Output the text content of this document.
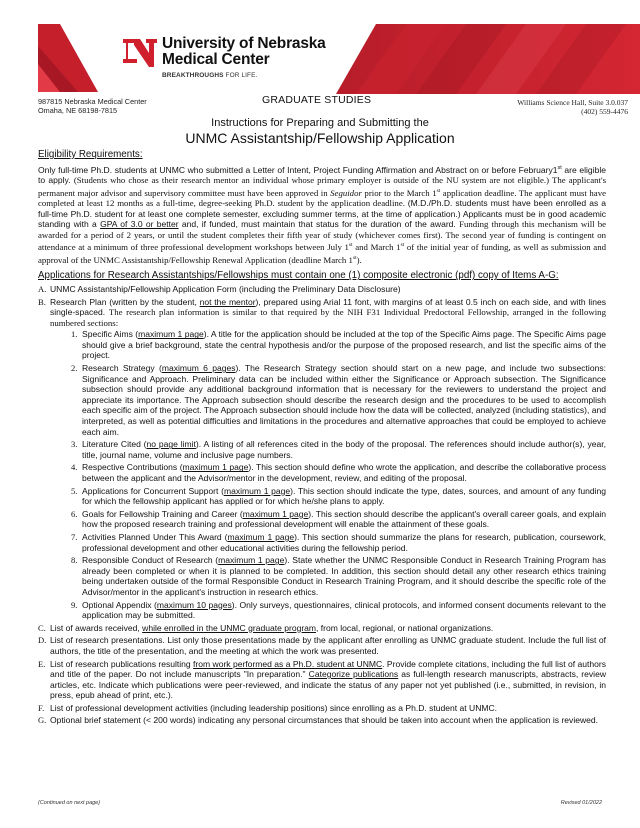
University of Nebraska
Medical Center
BREAKTHROUGHS FOR LIFE.
987815 Nebraska Medical Center
Omaha, NE 68198-7815
GRADUATE STUDIES	Williams Science Hall, Suite 3.0.037
(402) 559-4476
Instructions for Preparing and Submitting the
UNMC Assistantship/Fellowship Application

Eligibility Requirements:

Only full-time Ph.D. students at UNMC who submitted a Letter of Intent, Project Funding Affirmation and Abstract on or before February1st are eligible to apply. (Students who chose as their research mentor an individual whose primary employer is outside of the NU system are not eligible.) The applicant's permanent major advisor and supervisory committee must have been approved in Seguidor prior to the March 1st application deadline. The applicant must have completed at least 12 months as a full-time, degree-seeking Ph.D. student by the application deadline. (M.D./Ph.D. students must have been enrolled as a full-time Ph.D. student for at least one complete semester, excluding summer terms, at the time of application.) Applicants must be in good academic standing with a GPA of 3.0 or better and, if funded, must maintain that status for the duration of the award. Funding through this mechanism will be awarded for a period of 2 years, or until the student completes their fifth year of study (whichever comes first). The second year of funding is contingent on attendance at a minimum of three professional development workshops between July 1st and March 1st of the initial year of funding, as well as submission and approval of the UNMC Assistantship/Fellowship Renewal Application (deadline March 1st).

Applications for Research Assistantships/Fellowships must contain one (1) composite electronic (pdf) copy of Items A-G:

A. UNMC Assistantship/Fellowship Application Form (including the Preliminary Data Disclosure)
B. Research Plan (written by the student, not the mentor), prepared using Arial 11 font, with margins of at least 0.5 inch on each side, and with lines single-spaced. The research plan information is similar to that required by the NIH F31 Individual Predoctoral Fellowship, arranged in the following numbered sections:

1. Specific Aims (maximum 1 page). A title for the application should be included at the top of the Specific Aims page. The Specific Aims page should give a brief background, state the central hypothesis and/or the purpose of the proposed research, and list the specific aims of the project.

2. Research Strategy (maximum 6 pages). The Research Strategy section should start on a new page, and include two subsections: Significance and Approach. Preliminary data can be included within either the Significance or Approach subsection. The Significance subsection should provide any additional background information that is necessary for the reviewers to understand the project and appreciate its importance. The Approach subsection should describe the research design and the procedures to be used to accomplish each specific aim of the project. The Approach subsection should include how the data will be collected, analyzed (including statistics), and interpreted, as well as potential difficulties and limitations in the procedures and alternative approaches that could be employed to achieve each aim.

3. Literature Cited (no page limit). A listing of all references cited in the body of the proposal. The references should include author(s), year, title, journal name, volume and inclusive page numbers.

4. Respective Contributions (maximum 1 page). This section should define who wrote the application, and describe the collaborative process between the applicant and the Advisor/mentor in the development, review, and editing of the proposal.

5. Applications for Concurrent Support (maximum 1 page). This section should indicate the type, dates, sources, and amount of any funding for which the fellowship applicant has applied or for which he/she plans to apply.

6. Goals for Fellowship Training and Career (maximum 1 page). This section should describe the applicant's overall career goals, and explain how the proposed research training and professional development will enable the attainment of these goals.

7. Activities Planned Under This Award (maximum 1 page). This section should summarize the plans for research, publication, coursework, professional development and other educational activities during the fellowship period.

8. Responsible Conduct of Research (maximum 1 page). State whether the UNMC Responsible Conduct in Research Training Program has already been completed or when it is planned to be completed. In addition, this section should detail any other research ethics training being undertaken outside of the formal Responsible Conduct in Research Training Program, and it should describe the specific role of the Advisor/mentor in the applicant's instruction in research ethics.

9. Optional Appendix (maximum 10 pages). Only surveys, questionnaires, clinical protocols, and informed consent documents relevant to the application may be submitted.

C. List of awards received, while enrolled in the UNMC graduate program, from local, regional, or national organizations.
D. List of research presentations. List only those presentations made by the applicant after enrolling as UNMC graduate student. Include the full list of authors, the title of the presentation, and the meeting at which the work was presented.

E. List of research publications resulting from work performed as a Ph.D. student at UNMC. Provide complete citations, including the full list of authors and title of the paper. Do not include manuscripts "In preparation." Categorize publications as full-length research manuscripts, abstracts, review articles, etc. Indicate which publications were peer-reviewed, and indicate the status of any paper not yet published (i.e., submitted, in revision, in press, epub ahead of print, etc.).

F. List of professional development activities (including leadership positions) since enrolling as a Ph.D. student at UNMC.
G. Optional brief statement (< 200 words) indicating any personal circumstances that should be taken into account when the application is reviewed.

(Continued on next page)	Revised 01/2022
